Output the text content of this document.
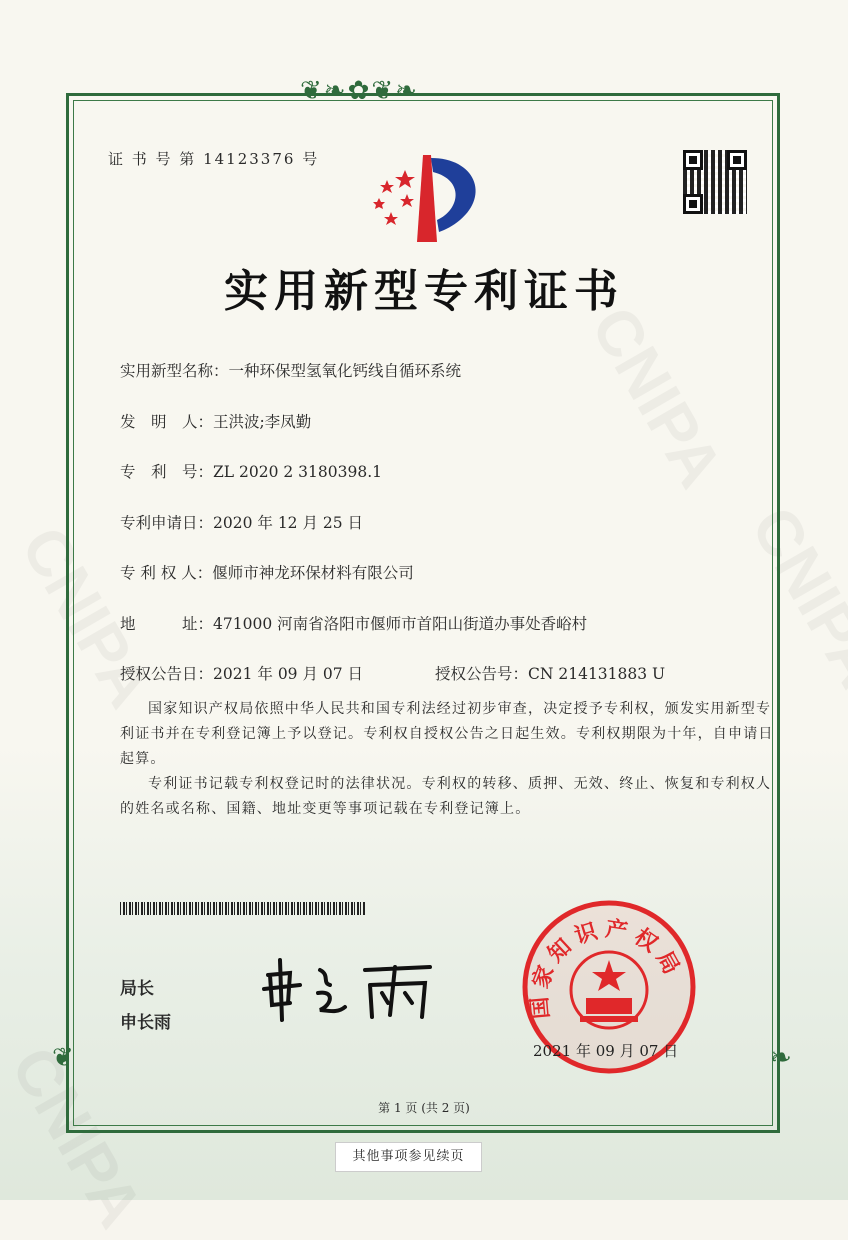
❦❧✿❦❧
❦	❧
证 书 号 第 14123376 号
实用新型专利证书
实用新型名称：一种环保型氢氧化钙线自循环系统
发　明　人：王洪波;李凤勤
专　利　号：ZL 2020 2 3180398.1
专利申请日：2020 年 12 月 25 日
专 利 权 人：偃师市神龙环保材料有限公司
地　　　址：471000 河南省洛阳市偃师市首阳山街道办事处香峪村
授权公告日：2021 年 09 月 07 日	授权公告号：CN 214131883 U
国家知识产权局依照中华人民共和国专利法经过初步审查，决定授予专利权，颁发实用新型专利证书并在专利登记簿上予以登记。专利权自授权公告之日起生效。专利权期限为十年，自申请日起算。
专利证书记载专利权登记时的法律状况。专利权的转移、质押、无效、终止、恢复和专利权人的姓名或名称、国籍、地址变更等事项记载在专利登记簿上。
局长
申长雨
国家知识产权局
2021 年 09 月 07 日
第 1 页 (共 2 页)
其他事项参见续页
